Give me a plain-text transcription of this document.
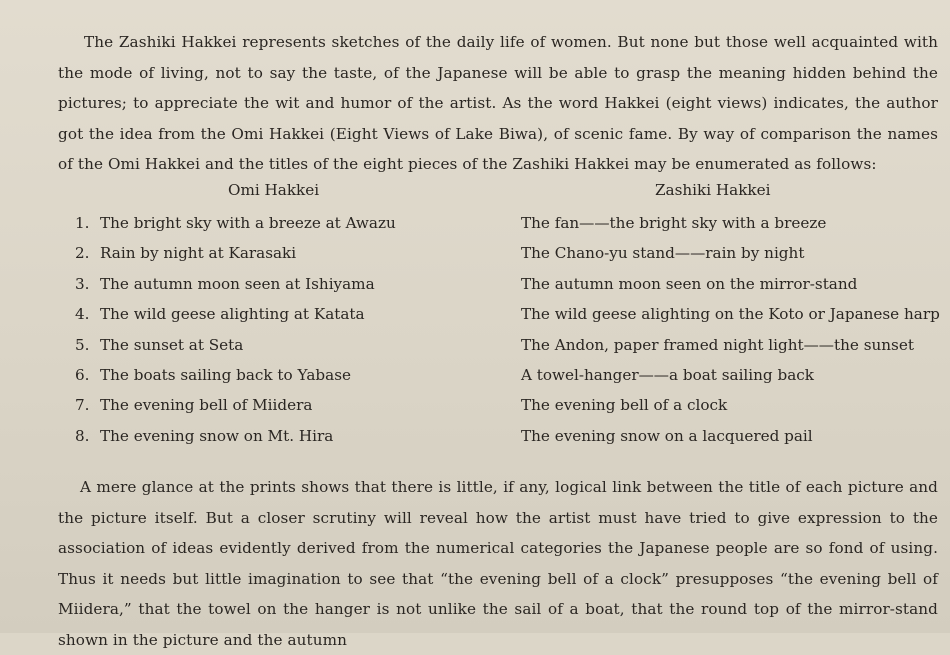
The Zashiki Hakkei represents sketches of the daily life of women. But none but those well acquainted with the mode of living, not to say the taste, of the Japanese will be able to grasp the meaning hidden behind the pictures; to appreciate the wit and humor of the artist. As the word Hakkei (eight views) indicates, the author got the idea from the Omi Hakkei (Eight Views of Lake Biwa), of scenic fame. By way of comparison the names of the Omi Hakkei and the titles of the eight pieces of the Zashiki Hakkei may be enumerated as follows:

Omi Hakkei	Zashiki Hakkei
1. The bright sky with a breeze at Awazu	The fan——the bright sky with a breeze
2. Rain by night at Karasaki	The Chano-yu stand——rain by night
3. The autumn moon seen at Ishiyama	The autumn moon seen on the mirror-stand
4. The wild geese alighting at Katata	The wild geese alighting on the Koto or Japanese harp
5. The sunset at Seta	The Andon, paper framed night light——the sunset
6. The boats sailing back to Yabase	A towel-hanger——a boat sailing back
7. The evening bell of Miidera	The evening bell of a clock
8. The evening snow on Mt. Hira	The evening snow on a lacquered pail

A mere glance at the prints shows that there is little, if any, logical link between the title of each picture and the picture itself. But a closer scrutiny will reveal how the artist must have tried to give expression to the association of ideas evidently derived from the numerical categories the Japanese people are so fond of using. Thus it needs but little imagination to see that “the evening bell of a clock” presupposes “the evening bell of Miidera,” that the towel on the hanger is not unlike the sail of a boat, that the round top of the mirror-stand shown in the picture and the autumn
